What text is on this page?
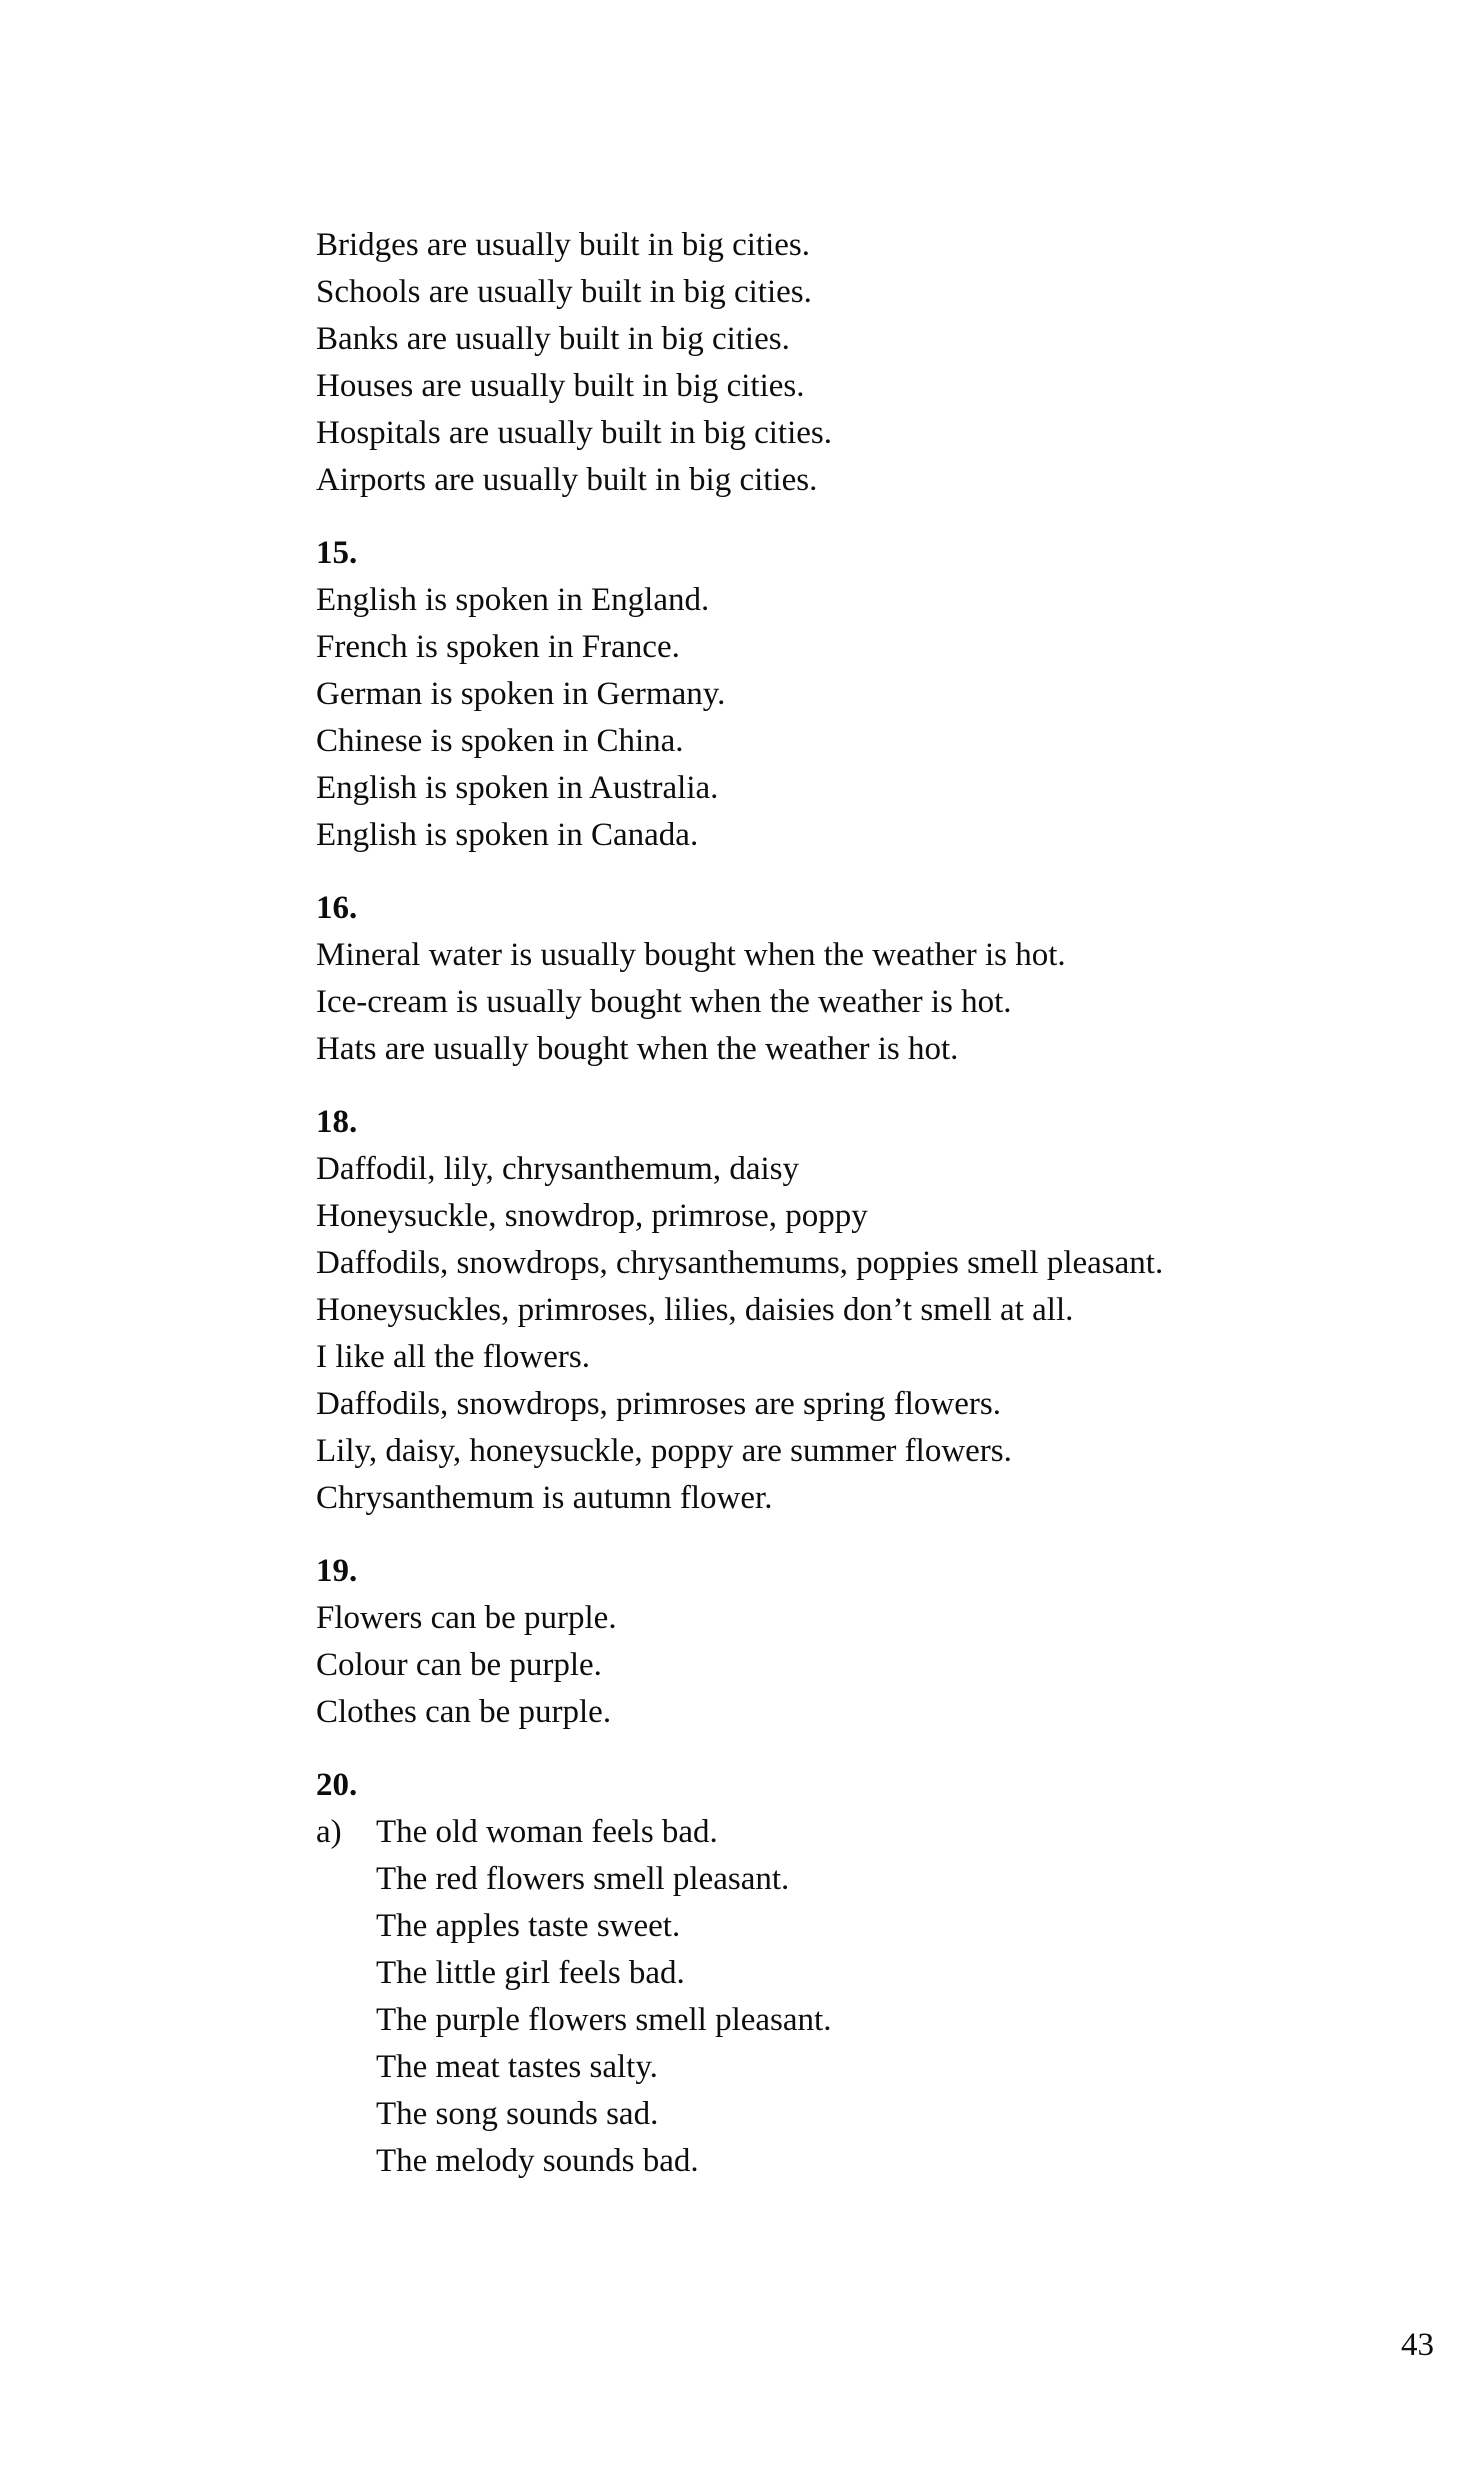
Bridges are usually built in big cities.

Schools are usually built in big cities.

Banks are usually built in big cities.

Houses are usually built in big cities.

Hospitals are usually built in big cities.

Airports are usually built in big cities.

15.

English is spoken in England.

French is spoken in France.

German is spoken in Germany.

Chinese is spoken in China.

English is spoken in Australia.

English is spoken in Canada.

16.

Mineral water is usually bought when the weather is hot.

Ice-cream is usually bought when the weather is hot.

Hats are usually bought when the weather is hot.

18.

Daffodil, lily, chrysanthemum, daisy

Honeysuckle, snowdrop, primrose, poppy

Daffodils, snowdrops, chrysanthemums, poppies smell pleasant.

Honeysuckles, primroses, lilies, daisies don’t smell at all.

I like all the flowers.

Daffodils, snowdrops, primroses are spring flowers.

Lily, daisy, honeysuckle, poppy are summer flowers.

Chrysanthemum is autumn flower.

19.

Flowers can be purple.

Colour can be purple.

Clothes can be purple.

20.

a) The old woman feels bad.

The red flowers smell pleasant.

The apples taste sweet.

The little girl feels bad.

The purple flowers smell pleasant.

The meat tastes salty.

The song sounds sad.

The melody sounds bad.

43
